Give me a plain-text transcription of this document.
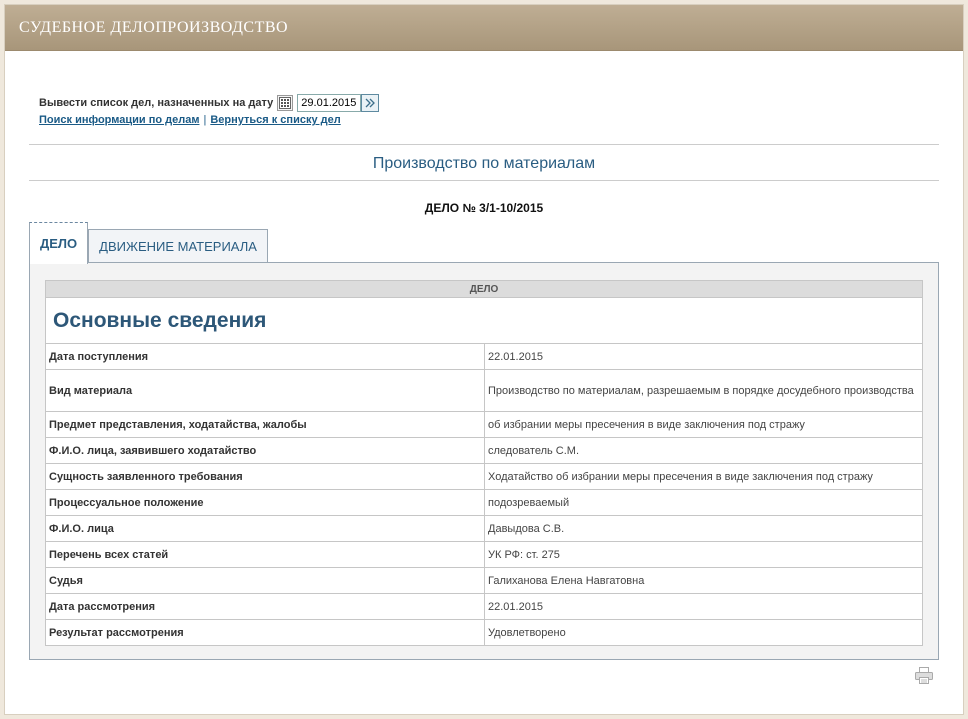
СУДЕБНОЕ ДЕЛОПРОИЗВОДСТВО
Вывести список дел, назначенных на дату
29.01.2015
Поиск информации по делам | Вернуться к списку дел
Производство по материалам
ДЕЛО № 3/1-10/2015
ДЕЛО	ДВИЖЕНИЕ МАТЕРИАЛА
ДЕЛО	
Основные сведения	
Дата поступления	22.01.2015
Вид материала	Производство по материалам, разрешаемым в порядке досудебного производства
Предмет представления, ходатайства, жалобы	об избрании меры пресечения в виде заключения под стражу
Ф.И.О. лица, заявившего ходатайство	следователь С.М.
Сущность заявленного требования	Ходатайство об избрании меры пресечения в виде заключения под стражу
Процессуальное положение	подозреваемый
Ф.И.О. лица	Давыдова С.В.
Перечень всех статей	УК РФ: ст. 275
Судья	Галиханова Елена Навгатовна
Дата рассмотрения	22.01.2015
Результат рассмотрения	Удовлетворено
